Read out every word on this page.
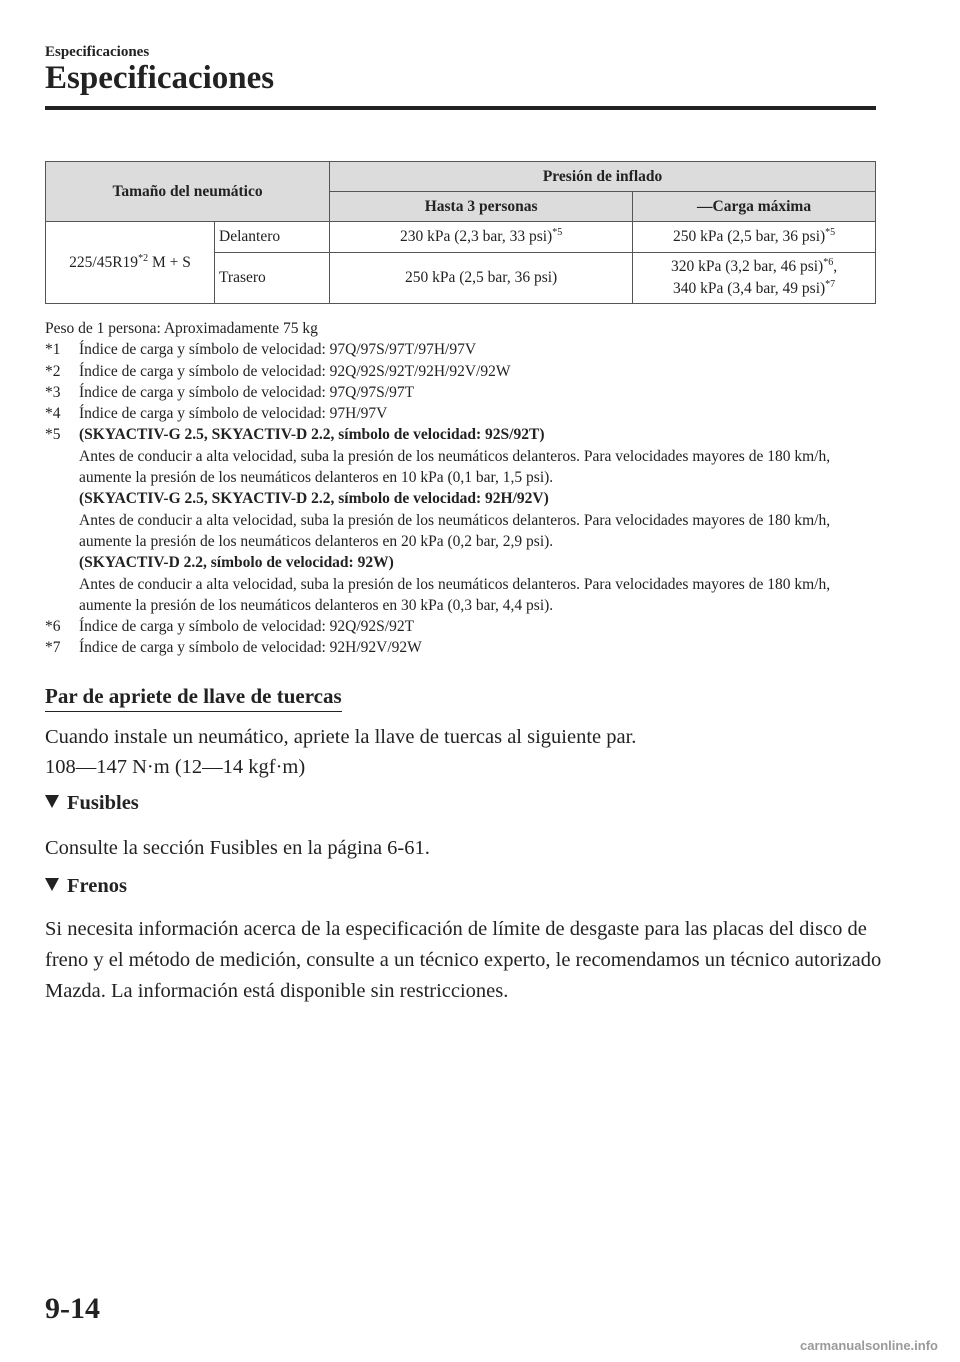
Especificaciones
Especificaciones
Tamaño del neumático		Presión de inflado	
		Hasta 3 personas	―Carga máxima
225/45R19$^{*2}$ M + S	Delantero	230 kPa (2,3 bar, 33 psi)$^{*5}$	250 kPa (2,5 bar, 36 psi)$^{*5}$
	Trasero	250 kPa (2,5 bar, 36 psi)	320 kPa (3,2 bar, 46 psi)$^{*6}$,
340 kPa (3,4 bar, 49 psi)$^{*7}$

Peso de 1 persona: Aproximadamente 75 kg

*1	Índice de carga y símbolo de velocidad: 97Q/97S/97T/97H/97V
*2	Índice de carga y símbolo de velocidad: 92Q/92S/92T/92H/92V/92W
*3	Índice de carga y símbolo de velocidad: 97Q/97S/97T
*4	Índice de carga y símbolo de velocidad: 97H/97V
*5	(SKYACTIV-G 2.5, SKYACTIV-D 2.2, símbolo de velocidad: 92S/92T)

Antes de conducir a alta velocidad, suba la presión de los neumáticos delanteros. Para velocidades mayores de 180 km/h, aumente la presión de los neumáticos delanteros en 10 kPa (0,1 bar, 1,5 psi).

(SKYACTIV-G 2.5, SKYACTIV-D 2.2, símbolo de velocidad: 92H/92V)

Antes de conducir a alta velocidad, suba la presión de los neumáticos delanteros. Para velocidades mayores de 180 km/h, aumente la presión de los neumáticos delanteros en 20 kPa (0,2 bar, 2,9 psi).

(SKYACTIV-D 2.2, símbolo de velocidad: 92W)

Antes de conducir a alta velocidad, suba la presión de los neumáticos delanteros. Para velocidades mayores de 180 km/h, aumente la presión de los neumáticos delanteros en 30 kPa (0,3 bar, 4,4 psi).

*6	Índice de carga y símbolo de velocidad: 92Q/92S/92T
*7	Índice de carga y símbolo de velocidad: 92H/92V/92W
Par de apriete de llave de tuercas

Cuando instale un neumático, apriete la llave de tuercas al siguiente par.

108―147 N·m (12―14 kgf·m)

Fusibles

Consulte la sección Fusibles en la página 6-61.

Frenos

Si necesita información acerca de la especificación de límite de desgaste para las placas del disco de freno y el método de medición, consulte a un técnico experto, le recomendamos un técnico autorizado Mazda. La información está disponible sin restricciones.

9-14
carmanualsonline.info
